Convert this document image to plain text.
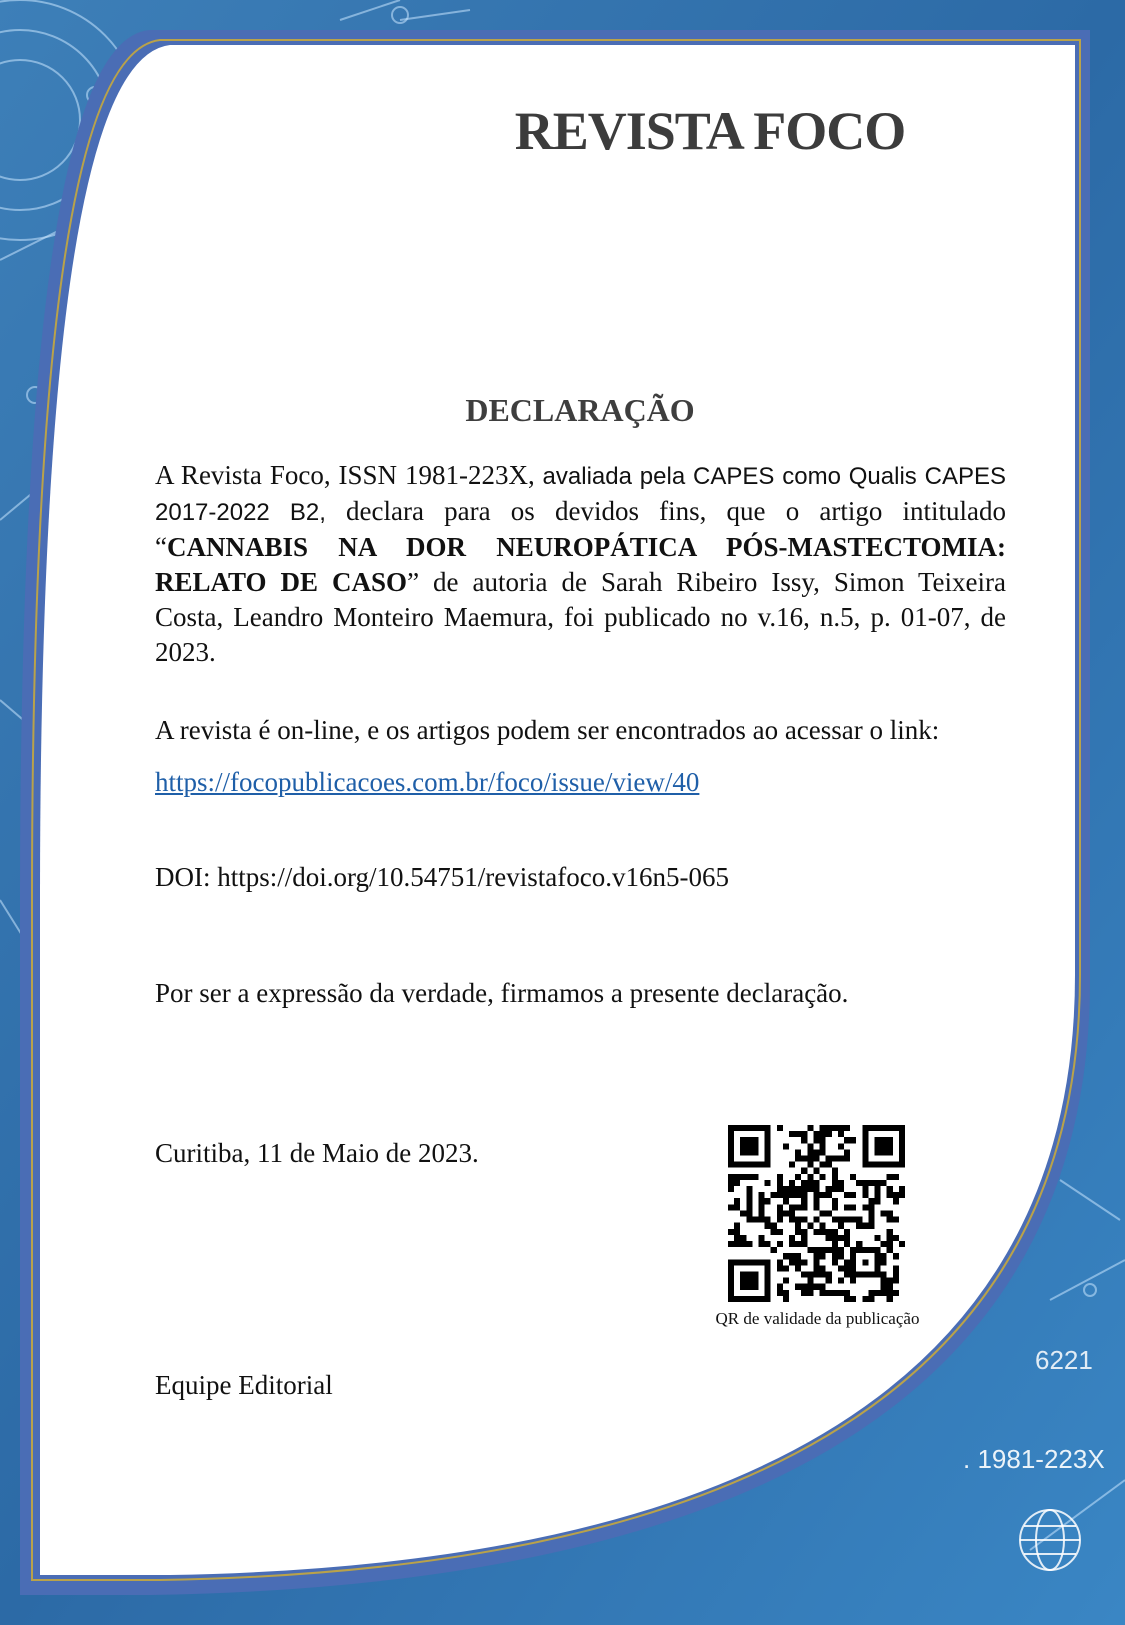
RE
6221
. 1981-223X
REVISTA FOCO
DECLARAÇÃO

A Revista Foco, ISSN 1981-223X, avaliada pela CAPES como Qualis CAPES 2017-2022 B2, declara para os devidos fins, que o artigo intitulado “CANNABIS NA DOR NEUROPÁTICA PÓS-MASTECTOMIA: RELATO DE CASO” de autoria de Sarah Ribeiro Issy, Simon Teixeira Costa, Leandro Monteiro Maemura, foi publicado no v.16, n.5, p. 01-07, de 2023.

A revista é on-line, e os artigos podem ser encontrados ao acessar o link:

https://focopublicacoes.com.br/foco/issue/view/40

DOI: https://doi.org/10.54751/revistafoco.v16n5-065

Por ser a expressão da verdade, firmamos a presente declaração.

Curitiba, 11 de Maio de 2023.

QR de validade da publicação

Equipe Editorial
